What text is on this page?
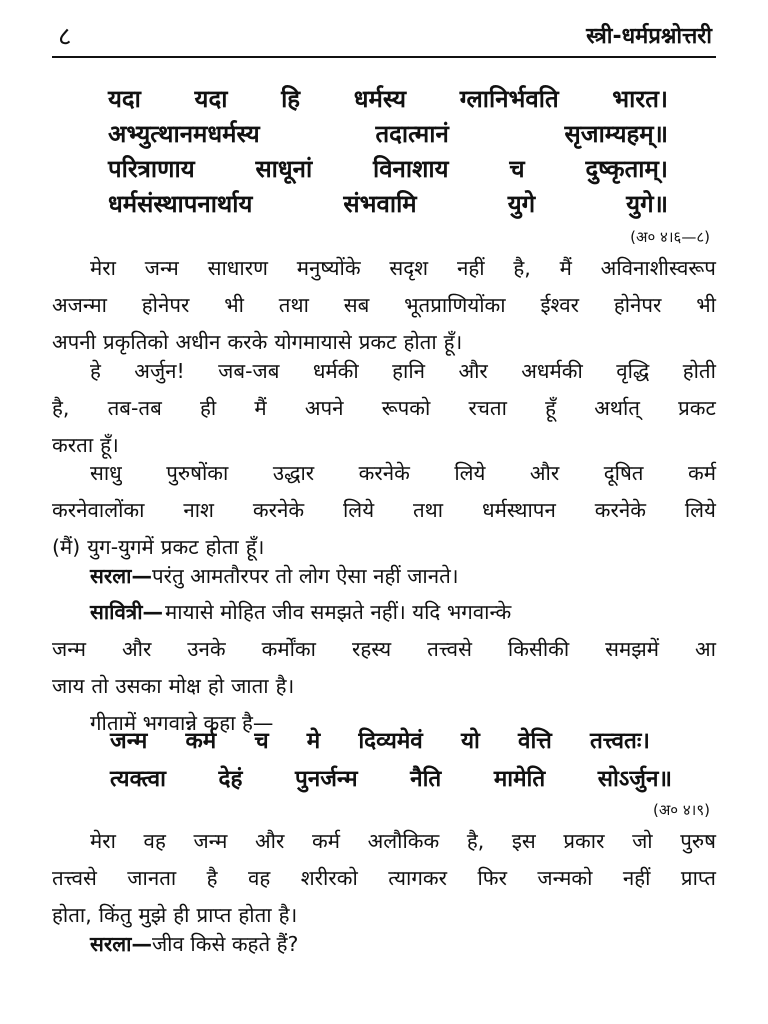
८	स्त्री-धर्मप्रश्नोत्तरी
यदा यदा हि धर्मस्य ग्लानिर्भवति भारत।
अभ्युत्थानमधर्मस्य	तदात्मानं	सृजाम्यहम्॥
परित्राणाय	साधूनां	विनाशाय	च	दुष्कृताम्।
धर्मसंस्थापनार्थाय	संभवामि	युगे	युगे॥
(अ० ४।६—८)
मेरा जन्म साधारण मनुष्योंके सदृश नहीं है, मैं अविनाशीस्वरूप
अजन्मा होनेपर भी तथा सब भूतप्राणियोंका ईश्वर होनेपर भी
अपनी प्रकृतिको अधीन करके योगमायासे प्रकट होता हूँ।
हे अर्जुन! जब-जब धर्मकी हानि और अधर्मकी वृद्धि होती
है, तब-तब ही मैं अपने रूपको रचता हूँ अर्थात् प्रकट
करता हूँ।
साधु पुरुषोंका उद्धार करनेके लिये और दूषित कर्म
करनेवालोंका नाश करनेके लिये तथा धर्मस्थापन करनेके लिये
(मैं) युग-युगमें प्रकट होता हूँ।
सरला— परंतु आमतौरपर तो लोग ऐसा नहीं जानते।
सावित्री— मायासे मोहित जीव समझते नहीं। यदि भगवान्के
जन्म और उनके कर्मोंका रहस्य तत्त्वसे किसीकी समझमें आ
जाय तो उसका मोक्ष हो जाता है।
गीतामें भगवान्ने कहा है—
जन्म कर्म च मे दिव्यमेवं यो वेत्ति तत्त्वतः।
त्यक्त्वा देहं पुनर्जन्म नैति मामेति सोऽर्जुन॥
(अ० ४।९)
मेरा वह जन्म और कर्म अलौकिक है, इस प्रकार जो पुरुष
तत्त्वसे जानता है वह शरीरको त्यागकर फिर जन्मको नहीं प्राप्त
होता, किंतु मुझे ही प्राप्त होता है।
सरला— जीव किसे कहते हैं?
